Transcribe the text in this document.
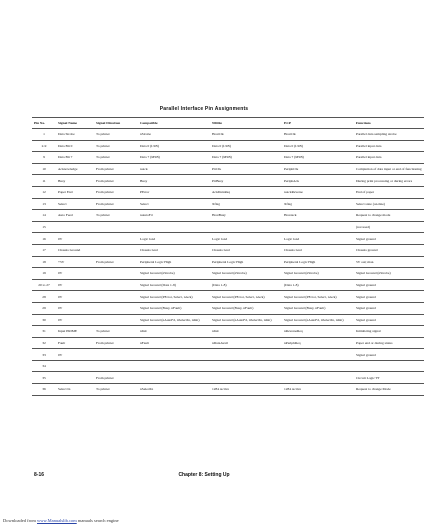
Parallel Interface Pin Assignments
Pin No.	Signal Name	Signal Direction	Compatible	Nibble	ECP	Functions
1	Data Strobe	To printer	nStrobe	HostClk	HostClk	Parallel data sampling strobe
2-9	Data Bit 0	To printer	Data 0 (LSB)	Data 0 (LSB)	Data 0 (LSB)	Parallel input data
9	Data Bit 7	To printer	Data 7 (MSB)	Data 7 (MSB)	Data 7 (MSB)	Parallel input data
10	Acknowledge	From printer	nAck	PtrClk	PeriphClk	Completion of data input or end of functioning
11	Busy	From printer	Busy	PtrBusy	PeriphAck	During print processing or during errors
12	Paper End	From printer	PError	AckDataReq	nAckReverse	End of paper
13	Select	From printer	Select	Xflag	Xflag	Select state (on-line)
14	Auto Feed	To printer	nAutoFd	HostBusy	HostAck	Request to change mode
15						(not used)
16	0V		Logic Gnd	Logic Gnd	Logic Gnd	Signal ground
17	Chassis Ground		Chassis Gnd	Chassis Gnd	Chassis Gnd	Chassis ground
18	+5V	From printer	Peripheral Logic High	Peripheral Logic High	Peripheral Logic High	5V out; max.
19	0V		Signal Ground (nStrobe)	Signal Ground (nStrobe)	Signal Ground (nStrobe)	Signal Ground (nStrobe)
20 to 27	0V		Signal Ground (Data 1-8)	(Data 1-8)	(Data 1-8)	Signal ground
28	0V		Signal Ground (PError, Select, nAck)	Signal Ground (PError, Select, nAck)	Signal Ground (PError, Select, nAck)	Signal ground
29	0V		Signal Ground (Busy, nFault)	Signal Ground (Busy, nFault)	Signal Ground (Busy, nFault)	Signal ground
30	0V		Signal Ground (nAutoFd, nSelectIn, nInit)	Signal Ground (nAutoFd, nSelectIn, nInit)	Signal Ground (nAutoFd, nSelectIn, nInit)	Signal ground
31	Input PRIME	To printer	nInit	nInit	nReverseReq	Initializing signal
32	Fault	From printer	nFault	nDataAvail	nPeriphReq	Paper end or during status
33	0V					Signal ground
34						
35		From printer				Circuit Logic 'H'
36	Select In	To printer	nSelectIn	1284 Active	1284 Active	Request to change Mode
8-16	Chapter 8: Setting Up
Downloaded from www.Manualslib.com manuals search engine
